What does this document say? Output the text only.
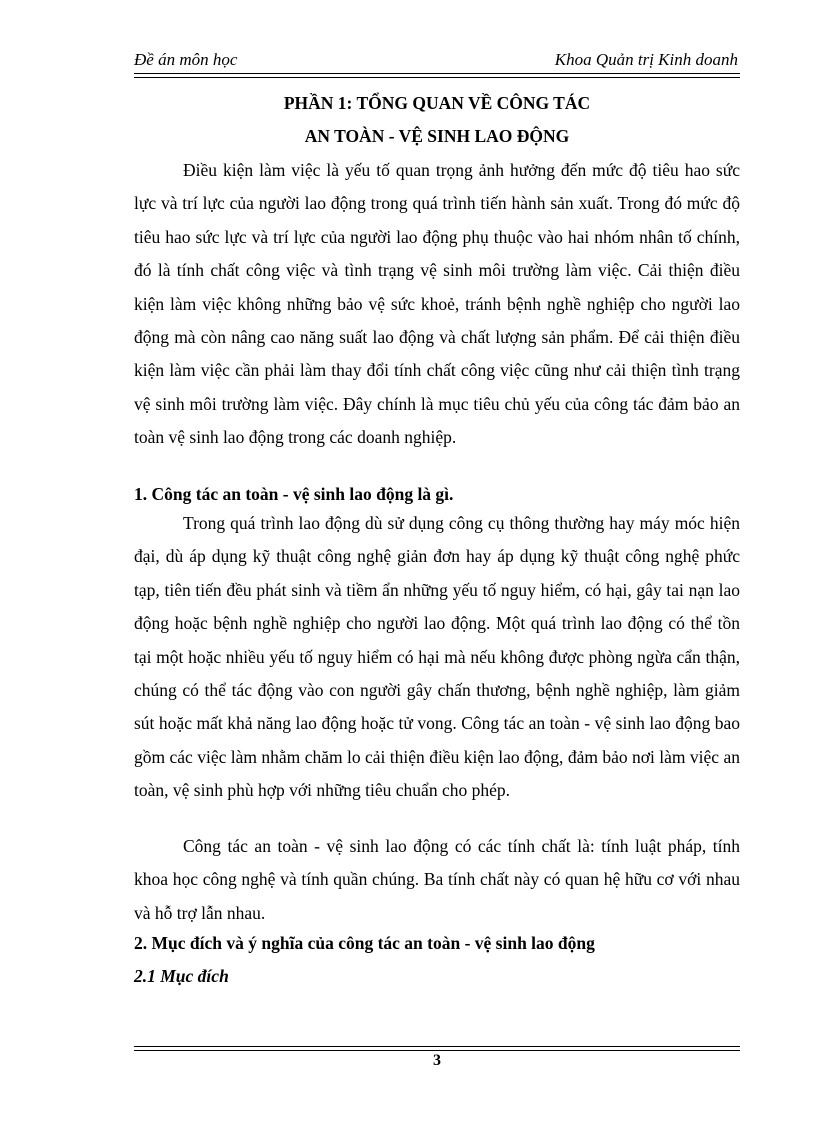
Đề án môn học	Khoa Quản trị Kinh doanh
PHẦN 1: TỔNG QUAN VỀ CÔNG TÁC
AN TOÀN - VỆ SINH LAO ĐỘNG

Điều kiện làm việc là yếu tố quan trọng ảnh hưởng đến mức độ tiêu hao sức lực và trí lực của người lao động trong quá trình tiến hành sản xuất. Trong đó mức độ tiêu hao sức lực và trí lực của người lao động phụ thuộc vào hai nhóm nhân tố chính, đó là tính chất công việc và tình trạng vệ sinh môi trường làm việc. Cải thiện điều kiện làm việc không những bảo vệ sức khoẻ, tránh bệnh nghề nghiệp cho người lao động mà còn nâng cao năng suất lao động và chất lượng sản phẩm. Để cải thiện điều kiện làm việc cần phải làm thay đổi tính chất công việc cũng như cải thiện tình trạng vệ sinh môi trường làm việc. Đây chính là mục tiêu chủ yếu của công tác đảm bảo an toàn vệ sinh lao động trong các doanh nghiệp.

1. Công tác an toàn - vệ sinh lao động là gì.

Trong quá trình lao động dù sử dụng công cụ thông thường hay máy móc hiện đại, dù áp dụng kỹ thuật công nghệ giản đơn hay áp dụng kỹ thuật công nghệ phức tạp, tiên tiến đều phát sinh và tiềm ẩn những yếu tố nguy hiểm, có hại, gây tai nạn lao động hoặc bệnh nghề nghiệp cho người lao động. Một quá trình lao động có thể tồn tại một hoặc nhiều yếu tố nguy hiểm có hại mà nếu không được phòng ngừa cẩn thận, chúng có thể tác động vào con người gây chấn thương, bệnh nghề nghiệp, làm giảm sút hoặc mất khả năng lao động hoặc tử vong. Công tác an toàn - vệ sinh lao động bao gồm các việc làm nhằm chăm lo cải thiện điều kiện lao động, đảm bảo nơi làm việc an toàn, vệ sinh phù hợp với những tiêu chuẩn cho phép.

Công tác an toàn - vệ sinh lao động có các tính chất là: tính luật pháp, tính khoa học công nghệ và tính quần chúng. Ba tính chất này có quan hệ hữu cơ với nhau và hỗ trợ lẫn nhau.

2. Mục đích và ý nghĩa của công tác an toàn - vệ sinh lao động
2.1 Mục đích
3
